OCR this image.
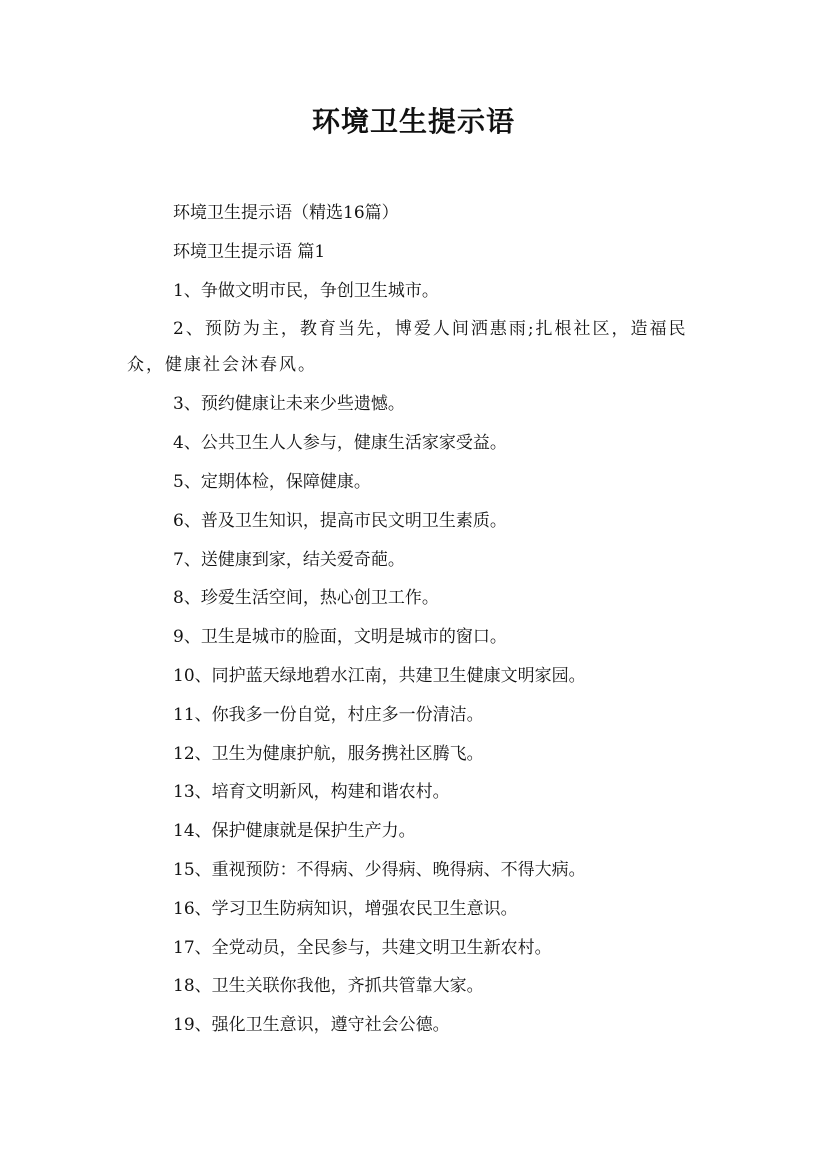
环境卫生提示语
环境卫生提示语（精选16篇）
环境卫生提示语 篇1
1、争做文明市民，争创卫生城市。
2、预防为主，教育当先，博爱人间洒惠雨;扎根社区，造福民众，健康社会沐春风。
3、预约健康让未来少些遗憾。
4、公共卫生人人参与，健康生活家家受益。
5、定期体检，保障健康。
6、普及卫生知识，提高市民文明卫生素质。
7、送健康到家，结关爱奇葩。
8、珍爱生活空间，热心创卫工作。
9、卫生是城市的脸面，文明是城市的窗口。
10、同护蓝天绿地碧水江南，共建卫生健康文明家园。
11、你我多一份自觉，村庄多一份清洁。
12、卫生为健康护航，服务携社区腾飞。
13、培育文明新风，构建和谐农村。
14、保护健康就是保护生产力。
15、重视预防：不得病、少得病、晚得病、不得大病。
16、学习卫生防病知识，增强农民卫生意识。
17、全党动员，全民参与，共建文明卫生新农村。
18、卫生关联你我他，齐抓共管靠大家。
19、强化卫生意识，遵守社会公德。
